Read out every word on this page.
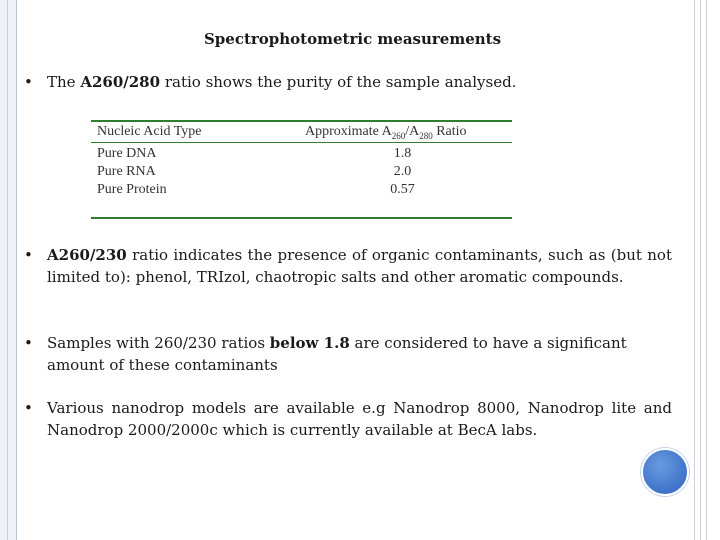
Spectrophotometric measurements

• The A260/280 ratio shows the purity of the sample analysed.

Nucleic Acid Type	Approximate $A_{260}/A_{280}$ Ratio
Pure DNA	1.8
Pure RNA	2.0
Pure Protein	0.57

• A260/230 ratio indicates the presence of organic contaminants, such as (but not limited to): phenol, TRIzol, chaotropic salts and other aromatic compounds.

• Samples with 260/230 ratios below 1.8 are considered to have a significant amount of these contaminants

• Various nanodrop models are available e.g Nanodrop 8000, Nanodrop lite and Nanodrop 2000/2000c which is currently available at BecA labs.
